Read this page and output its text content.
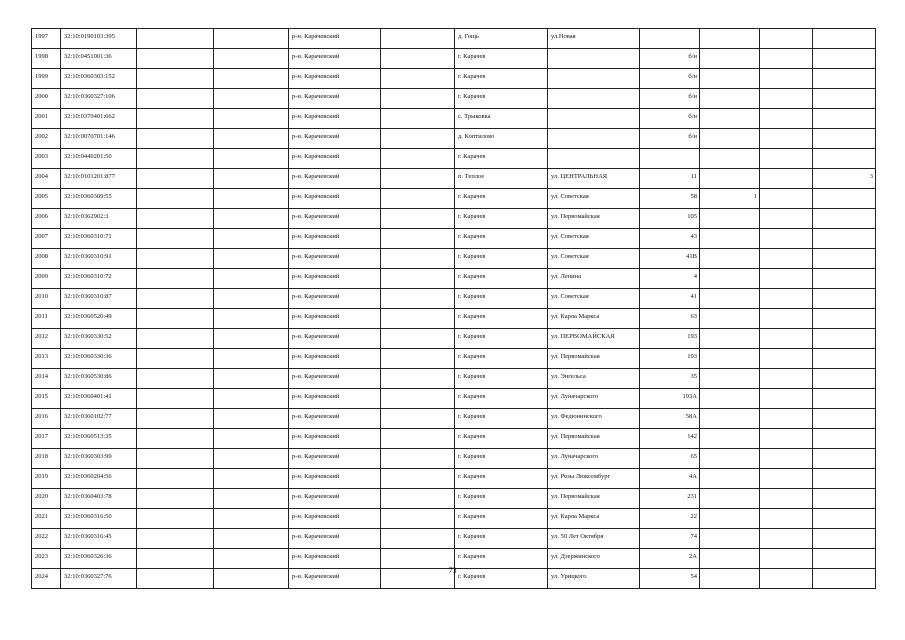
1997	32:10:0190103:395			р-н. Карачевский		д. Гощь	ул.Новая				
1998	32:10:0451001:36			р-н. Карачевский		г. Карачев		б/н			
1999	32:10:0360303:152			р-н. Карачевский		г. Карачев		б/н			
2000	32:10:0360327:106			р-н. Карачевский		г. Карачев		б/н			
2001	32:10:0370401:662			р-н. Карачевский		с. Трыковка		б/н			
2002	32:10:0070701:146			р-н. Карачевский		д. Коптилово		б/н			
2003	32:10:0440201:50			р-н. Карачевский		г. Карачев					
2004	32:10:0101201:877			р-н. Карачевский		п. Теплое	ул. ЦЕНТРАЛЬНАЯ	11			3
2005	32:10:0360309:55			р-н. Карачевский		г. Карачев	ул. Советская	58	1		
2006	32:10:0362902:3			р-н. Карачевский		г. Карачев	ул. Первомайская	105			
2007	32:10:0360310:71			р-н. Карачевский		г. Карачев	ул. Советская	43			
2008	32:10:0360310:91			р-н. Карачевский		г. Карачев	ул. Советская	41В			
2009	32:10:0360310:72			р-н. Карачевский		г. Карачев	ул. Ленина	4			
2010	32:10:0360310:87			р-н. Карачевский		г. Карачев	ул. Советская	41			
2011	32:10:0360520:49			р-н. Карачевский		г. Карачев	ул. Карла Маркса	63			
2012	32:10:0360330:52			р-н. Карачевский		г. Карачев	ул. ПЕРВОМАЙСКАЯ	193			
2013	32:10:0360330:36			р-н. Карачевский		г. Карачев	ул. Первомайская	193			
2014	32:10:0360530:86			р-н. Карачевский		г. Карачев	ул. Энгельса	35			
2015	32:10:0360401:41			р-н. Карачевский		г. Карачев	ул. Луначарского	193А			
2016	32:10:0360102:77			р-н. Карачевский		г. Карачев	ул. Федюнинского	58А			
2017	32:10:0360513:35			р-н. Карачевский		г. Карачев	ул. Первомайская	142			
2018	32:10:0360303:99			р-н. Карачевский		г. Карачев	ул. Луначарского	65			
2019	32:10:0360204:56			р-н. Карачевский		г. Карачев	ул. Розы Люксембург	4А			
2020	32:10:0360403:78			р-н. Карачевский		г. Карачев	ул. Первомайская	231			
2021	32:10:0360316:50			р-н. Карачевский		г. Карачев	ул. Карла Маркса	22			
2022	32:10:0360316:45			р-н. Карачевский		г. Карачев	ул. 50 Лет Октября	74			
2023	32:10:0360326:36			р-н. Карачевский		г. Карачев	ул. Дзержинского	2А			
2024	32:10:0360327:76			р-н. Карачевский		г. Карачев	ул. Урицкого	54			
73
